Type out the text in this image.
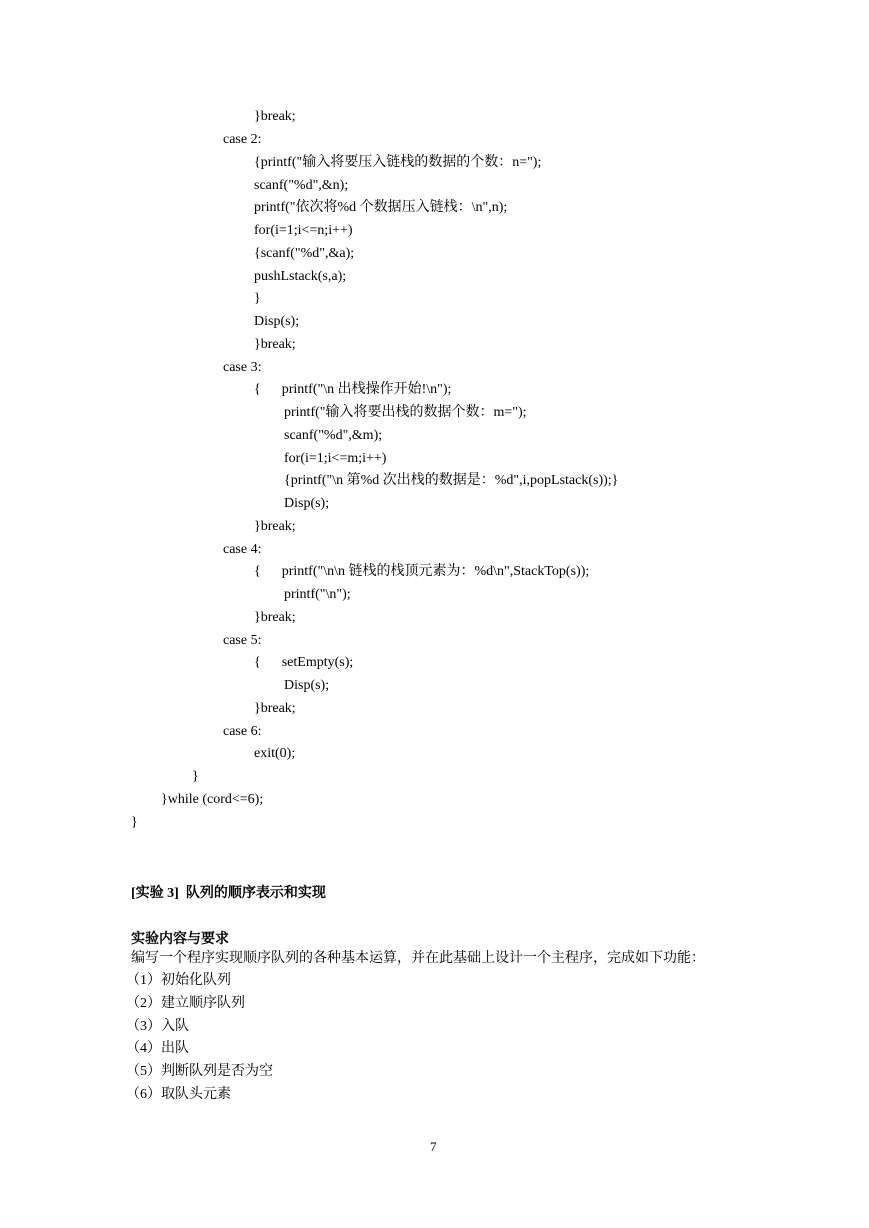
}break;
case 2:
{printf("输入将要压入链栈的数据的个数：n=");
scanf("%d",&n);
printf("依次将%d 个数据压入链栈：\n",n);
for(i=1;i<=n;i++)
{scanf("%d",&a);
pushLstack(s,a);
}
Disp(s);
}break;
case 3:
{      printf("\n 出栈操作开始!\n");
printf("输入将要出栈的数据个数：m=");
scanf("%d",&m);
for(i=1;i<=m;i++)
{printf("\n 第%d 次出栈的数据是：%d",i,popLstack(s));}
Disp(s);
}break;
case 4:
{      printf("\n\n 链栈的栈顶元素为：%d\n",StackTop(s));
printf("\n");
}break;
case 5:
{      setEmpty(s);
Disp(s);
}break;
case 6:
exit(0);
}
}while (cord<=6);
}
[实验 3]  队列的顺序表示和实现
实验内容与要求
编写一个程序实现顺序队列的各种基本运算，并在此基础上设计一个主程序，完成如下功能：
（1）初始化队列
（2）建立顺序队列
（3）入队
（4）出队
（5）判断队列是否为空
（6）取队头元素
7
